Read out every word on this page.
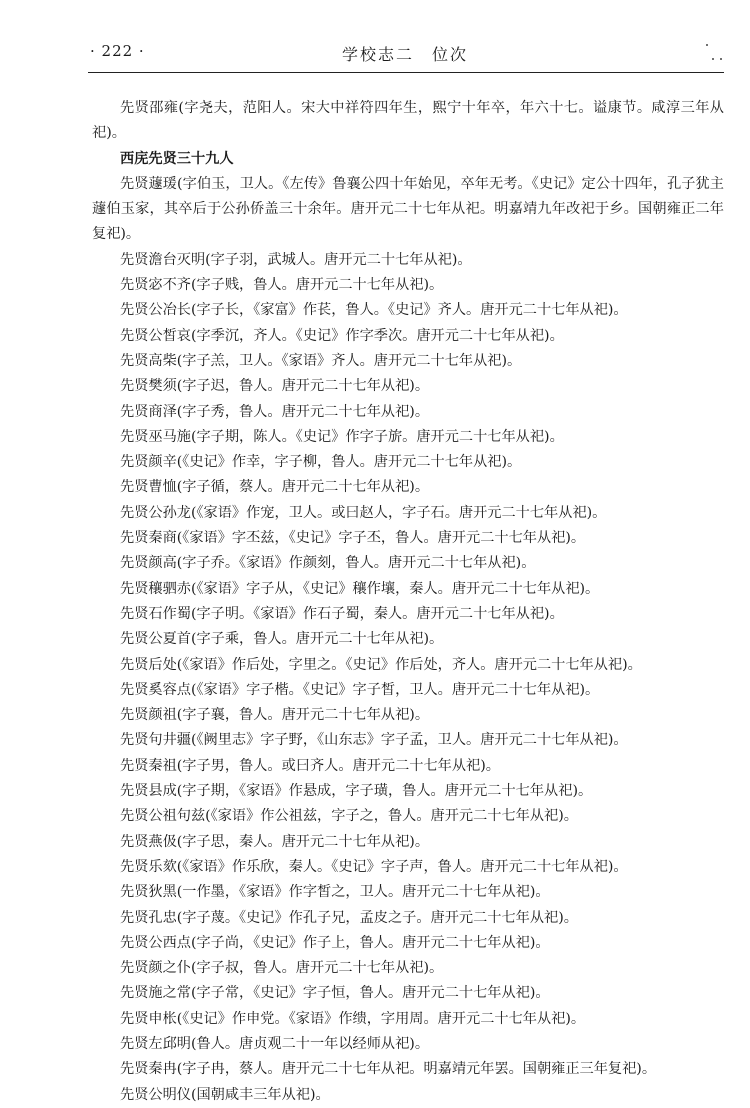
· 222 ·	学校志二　位次

先贤邵雍(字尧夫，范阳人。宋大中祥符四年生，熙宁十年卒，年六十七。谥康节。咸淳三年从祀)。

西庑先贤三十九人

先贤蘧瑗(字伯玉，卫人。《左传》鲁襄公四十年始见，卒年无考。《史记》定公十四年，孔子犹主蘧伯玉家，其卒后于公孙侨盖三十余年。唐开元二十七年从祀。明嘉靖九年改祀于乡。国朝雍正二年复祀)。

先贤澹台灭明(字子羽，武城人。唐开元二十七年从祀)。

先贤宓不齐(字子贱，鲁人。唐开元二十七年从祀)。

先贤公冶长(字子长，《家富》作苌，鲁人。《史记》齐人。唐开元二十七年从祀)。

先贤公皙哀(字季沉，齐人。《史记》作字季次。唐开元二十七年从祀)。

先贤高柴(字子羔，卫人。《家语》齐人。唐开元二十七年从祀)。

先贤樊须(字子迟，鲁人。唐开元二十七年从祀)。

先贤商泽(字子秀，鲁人。唐开元二十七年从祀)。

先贤巫马施(字子期，陈人。《史记》作字子旂。唐开元二十七年从祀)。

先贤颜辛(《史记》作幸，字子柳，鲁人。唐开元二十七年从祀)。

先贤曹恤(字子循，蔡人。唐开元二十七年从祀)。

先贤公孙龙(《家语》作宠，卫人。或曰赵人，字子石。唐开元二十七年从祀)。

先贤秦商(《家语》字丕兹，《史记》字子丕，鲁人。唐开元二十七年从祀)。

先贤颜高(字子乔。《家语》作颜刻，鲁人。唐开元二十七年从祀)。

先贤穰驷赤(《家语》字子从，《史记》穰作壤，秦人。唐开元二十七年从祀)。

先贤石作蜀(字子明。《家语》作石子蜀，秦人。唐开元二十七年从祀)。

先贤公夏首(字子乘，鲁人。唐开元二十七年从祀)。

先贤后处(《家语》作后处，字里之。《史记》作后处，齐人。唐开元二十七年从祀)。

先贤奚容点(《家语》字子楷。《史记》字子皙，卫人。唐开元二十七年从祀)。

先贤颜祖(字子襄，鲁人。唐开元二十七年从祀)。

先贤句井疆(《阙里志》字子野，《山东志》字子孟，卫人。唐开元二十七年从祀)。

先贤秦祖(字子男，鲁人。或曰齐人。唐开元二十七年从祀)。

先贤县成(字子期，《家语》作悬成，字子璜，鲁人。唐开元二十七年从祀)。

先贤公祖句兹(《家语》作公祖兹，字子之，鲁人。唐开元二十七年从祀)。

先贤燕伋(字子思，秦人。唐开元二十七年从祀)。

先贤乐欬(《家语》作乐欣，秦人。《史记》字子声，鲁人。唐开元二十七年从祀)。

先贤狄黑(一作墨，《家语》作字皙之，卫人。唐开元二十七年从祀)。

先贤孔忠(字子蔑。《史记》作孔子兄，孟皮之子。唐开元二十七年从祀)。

先贤公西点(字子尚，《史记》作子上，鲁人。唐开元二十七年从祀)。

先贤颜之仆(字子叔，鲁人。唐开元二十七年从祀)。

先贤施之常(字子常，《史记》字子恒，鲁人。唐开元二十七年从祀)。

先贤申枨(《史记》作申党。《家语》作缋，字用周。唐开元二十七年从祀)。

先贤左邱明(鲁人。唐贞观二十一年以经师从祀)。

先贤秦冉(字子冉，蔡人。唐开元二十七年从祀。明嘉靖元年罢。国朝雍正三年复祀)。

先贤公明仪(国朝咸丰三年从祀)。
